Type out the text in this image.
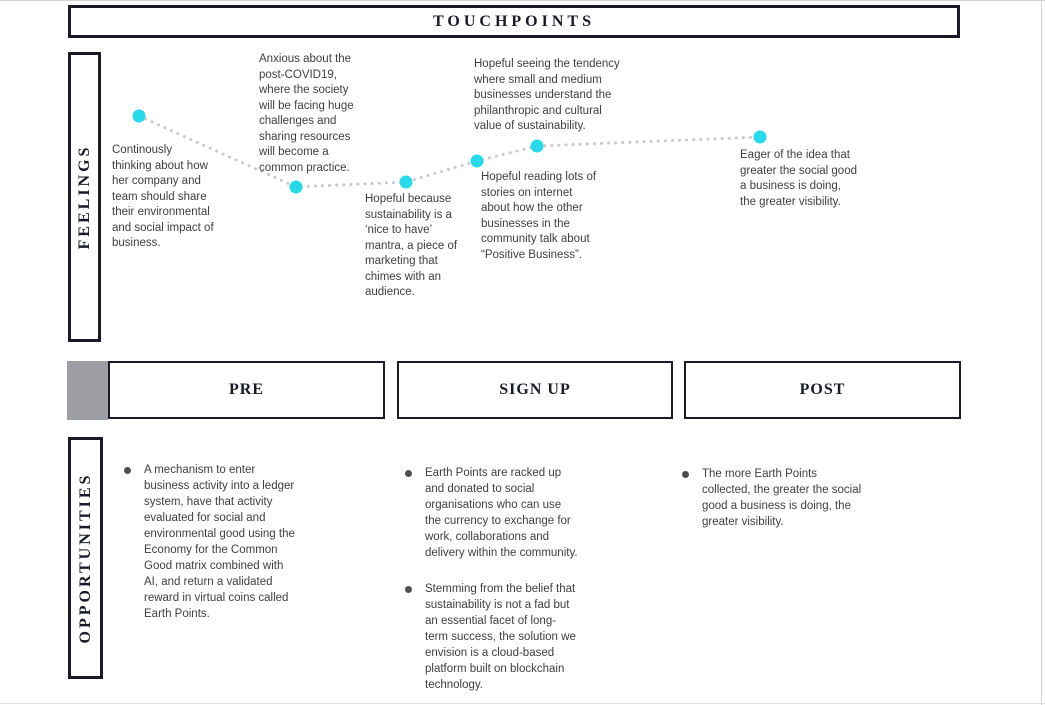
TOUCHPOINTS
FEELINGS Continously thinking about how her company and team should share their environmental and social impact of business.
Anxious about the post-COVID19, where the society will be facing huge challenges and sharing resources will become a common practice.
Hopeful because sustainability is a ‘nice to have’ mantra, a piece of marketing that chimes with an audience.
Hopeful seeing the tendency where small and medium businesses understand the philanthropic and cultural value of sustainability.
Hopeful reading lots of stories on internet about how the other businesses in the community talk about “Positive Business”.
Eager of the idea that greater the social good a business is doing, the greater visibility.
PRE	SIGN UP	POST
OPPORTUNITIES
A mechanism to enter business activity into a ledger system, have that activity evaluated for social and environmental good using the Economy for the Common Good matrix combined with AI, and return a validated reward in virtual coins called Earth Points.
Earth Points are racked up and donated to social organisations who can use the currency to exchange for work, collaborations and delivery within the community.
Stemming from the belief that sustainability is not a fad but an essential facet of long-term success, the solution we envision is a cloud-based platform built on blockchain technology.
The more Earth Points collected, the greater the social good a business is doing, the greater visibility.
